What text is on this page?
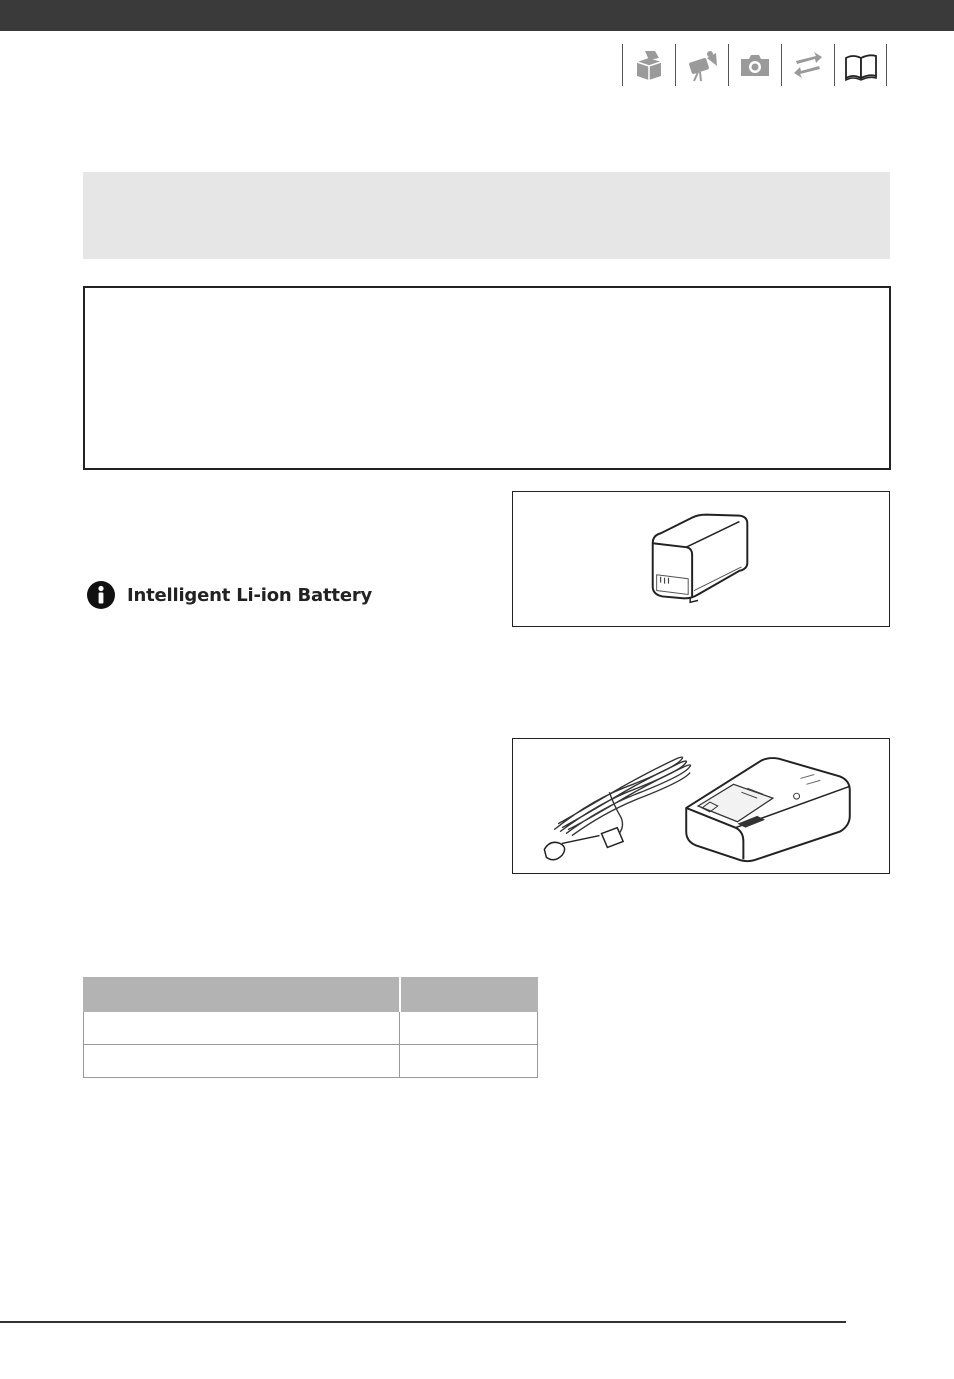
Intelligent Li-ion Battery
